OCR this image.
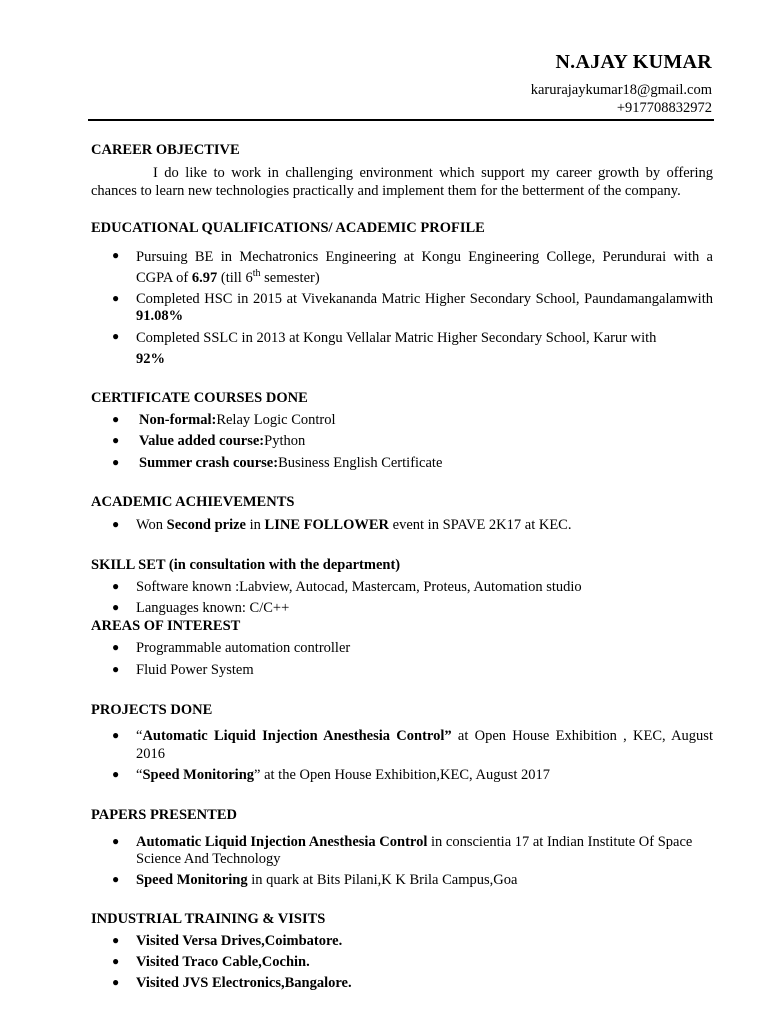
N.AJAY KUMAR
karurajaykumar18@gmail.com
+917708832972
CAREER OBJECTIVE
I do like to work in challenging environment which support my career growth by offering chances to learn new technologies practically and implement them for the betterment of the company.
EDUCATIONAL QUALIFICATIONS/ ACADEMIC PROFILE
● Pursuing BE in Mechatronics Engineering at Kongu Engineering College, Perundurai with a CGPA of 6.97 (till 6th semester)
● Completed HSC in 2015 at Vivekananda Matric Higher Secondary School, Paundamangalamwith 91.08%
● Completed SSLC in 2013 at Kongu Vellalar Matric Higher Secondary School, Karur with
92%
CERTIFICATE COURSES DONE
● Non-formal:Relay Logic Control
● Value added course:Python
● Summer crash course:Business English Certificate
ACADEMIC ACHIEVEMENTS
● Won Second prize in LINE FOLLOWER event in SPAVE 2K17 at KEC.
SKILL SET (in consultation with the department)
● Software known :Labview, Autocad, Mastercam, Proteus, Automation studio
● Languages known: C/C++
AREAS OF INTEREST
● Programmable automation controller
● Fluid Power System
PROJECTS DONE
● “Automatic Liquid Injection Anesthesia Control” at Open House Exhibition , KEC, August 2016
● “Speed Monitoring” at the Open House Exhibition,KEC, August 2017
PAPERS PRESENTED
● Automatic Liquid Injection Anesthesia Control in conscientia 17 at Indian Institute Of Space Science And Technology
● Speed Monitoring in quark at Bits Pilani,K K Brila Campus,Goa
INDUSTRIAL TRAINING & VISITS
● Visited Versa Drives,Coimbatore.
● Visited Traco Cable,Cochin.
● Visited JVS Electronics,Bangalore.
